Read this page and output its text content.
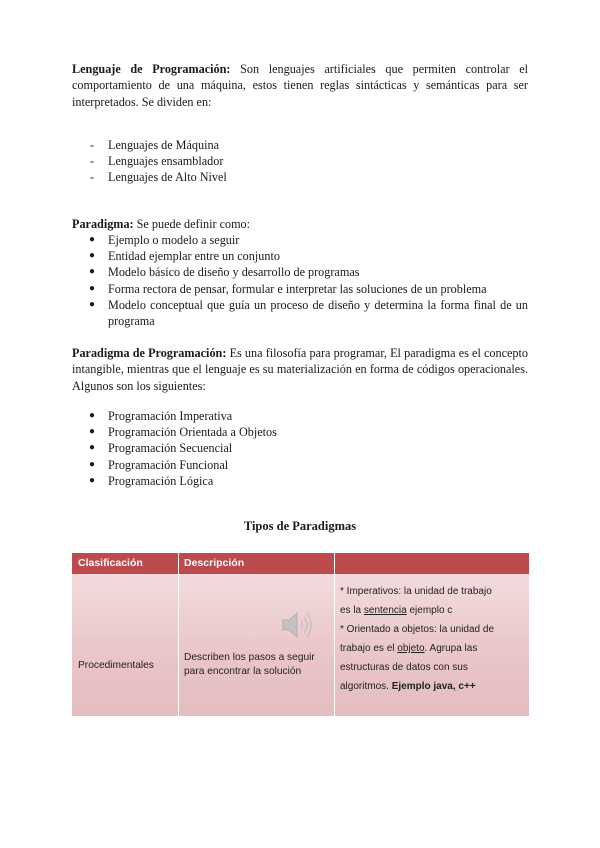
Lenguaje de Programación: Son lenguajes artificiales que permiten controlar el comportamiento de una máquina, estos tienen reglas sintácticas y semánticas para ser interpretados. Se dividen en:

- Lenguajes de Máquina
- Lenguajes ensamblador
- Lenguajes de Alto Nivel

Paradigma: Se puede definir como:

● Ejemplo o modelo a seguir
● Entidad ejemplar entre un conjunto
● Modelo básico de diseño y desarrollo de programas
● Forma rectora de pensar, formular e interpretar las soluciones de un problema
● Modelo conceptual que guía un proceso de diseño y determina la forma final de un programa

Paradigma de Programación: Es una filosofía para programar, El paradigma es el concepto intangible, mientras que el lenguaje es su materialización en forma de códigos operacionales. Algunos son los siguientes:

● Programación Imperativa
● Programación Orientada a Objetos
● Programación Secuencial
● Programación Funcional
● Programación Lógica
Tipos de Paradigmas
Clasificación	Descripción
Procedimentales
Describen los pasos a seguir para encontrar la solución
* Imperativos: la unidad de trabajo
es la sentencia ejemplo c
* Orientado a objetos: la unidad de
trabajo es el objeto. Agrupa las
estructuras de datos con sus
algoritmos. Ejemplo java, c++
